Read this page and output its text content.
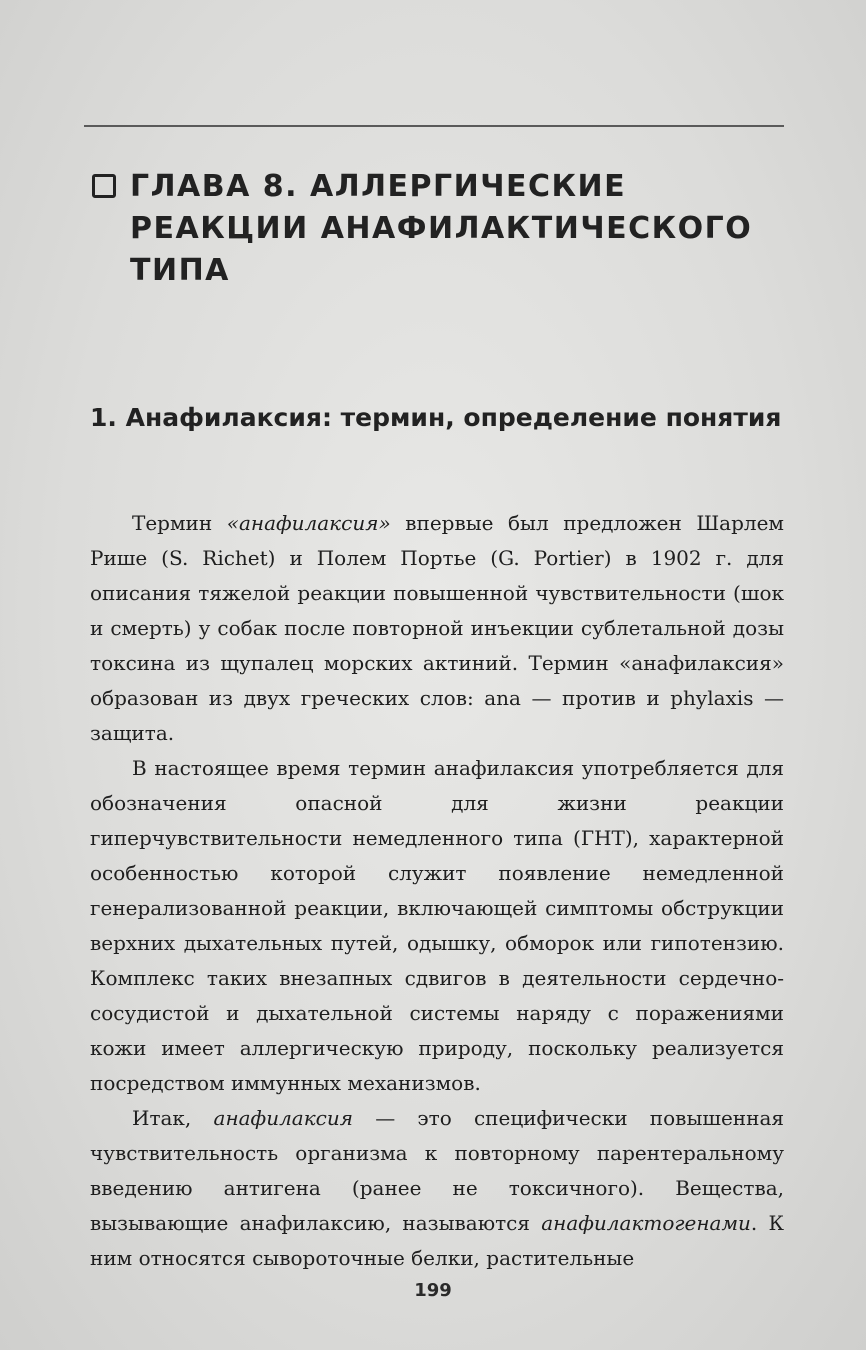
ГЛАВА 8. АЛЛЕРГИЧЕСКИЕ РЕАКЦИИ АНАФИЛАКТИЧЕСКОГО ТИПА
1. Анафилаксия: термин, определение понятия

Термин «анафилаксия» впервые был предложен Шарлем Рише (S. Richet) и Полем Портье (G. Portier) в 1902 г. для описания тяжелой реакции повышенной чувствительности (шок и смерть) у собак после повторной инъекции сублетальной дозы токсина из щупалец морских актиний. Термин «анафилаксия» образован из двух греческих слов: ana — против и phylaxis — защита.

В настоящее время термин анафилаксия употребляется для обозначения опасной для жизни реакции гиперчувствительности немедленного типа (ГНТ), характерной особенностью которой служит появление немедленной генерализованной реакции, включающей симптомы обструкции верхних дыхательных путей, одышку, обморок или гипотензию. Комплекс таких внезапных сдвигов в деятельности сердечно-сосудистой и дыхательной системы наряду с поражениями кожи имеет аллергическую природу, поскольку реализуется посредством иммунных механизмов.

Итак, анафилаксия — это специфически повышенная чувствительность организма к повторному парентеральному введению антигена (ранее не токсичного). Вещества, вызывающие анафилаксию, называются анафилактогенами. К ним относятся сывороточные белки, растительные

199
